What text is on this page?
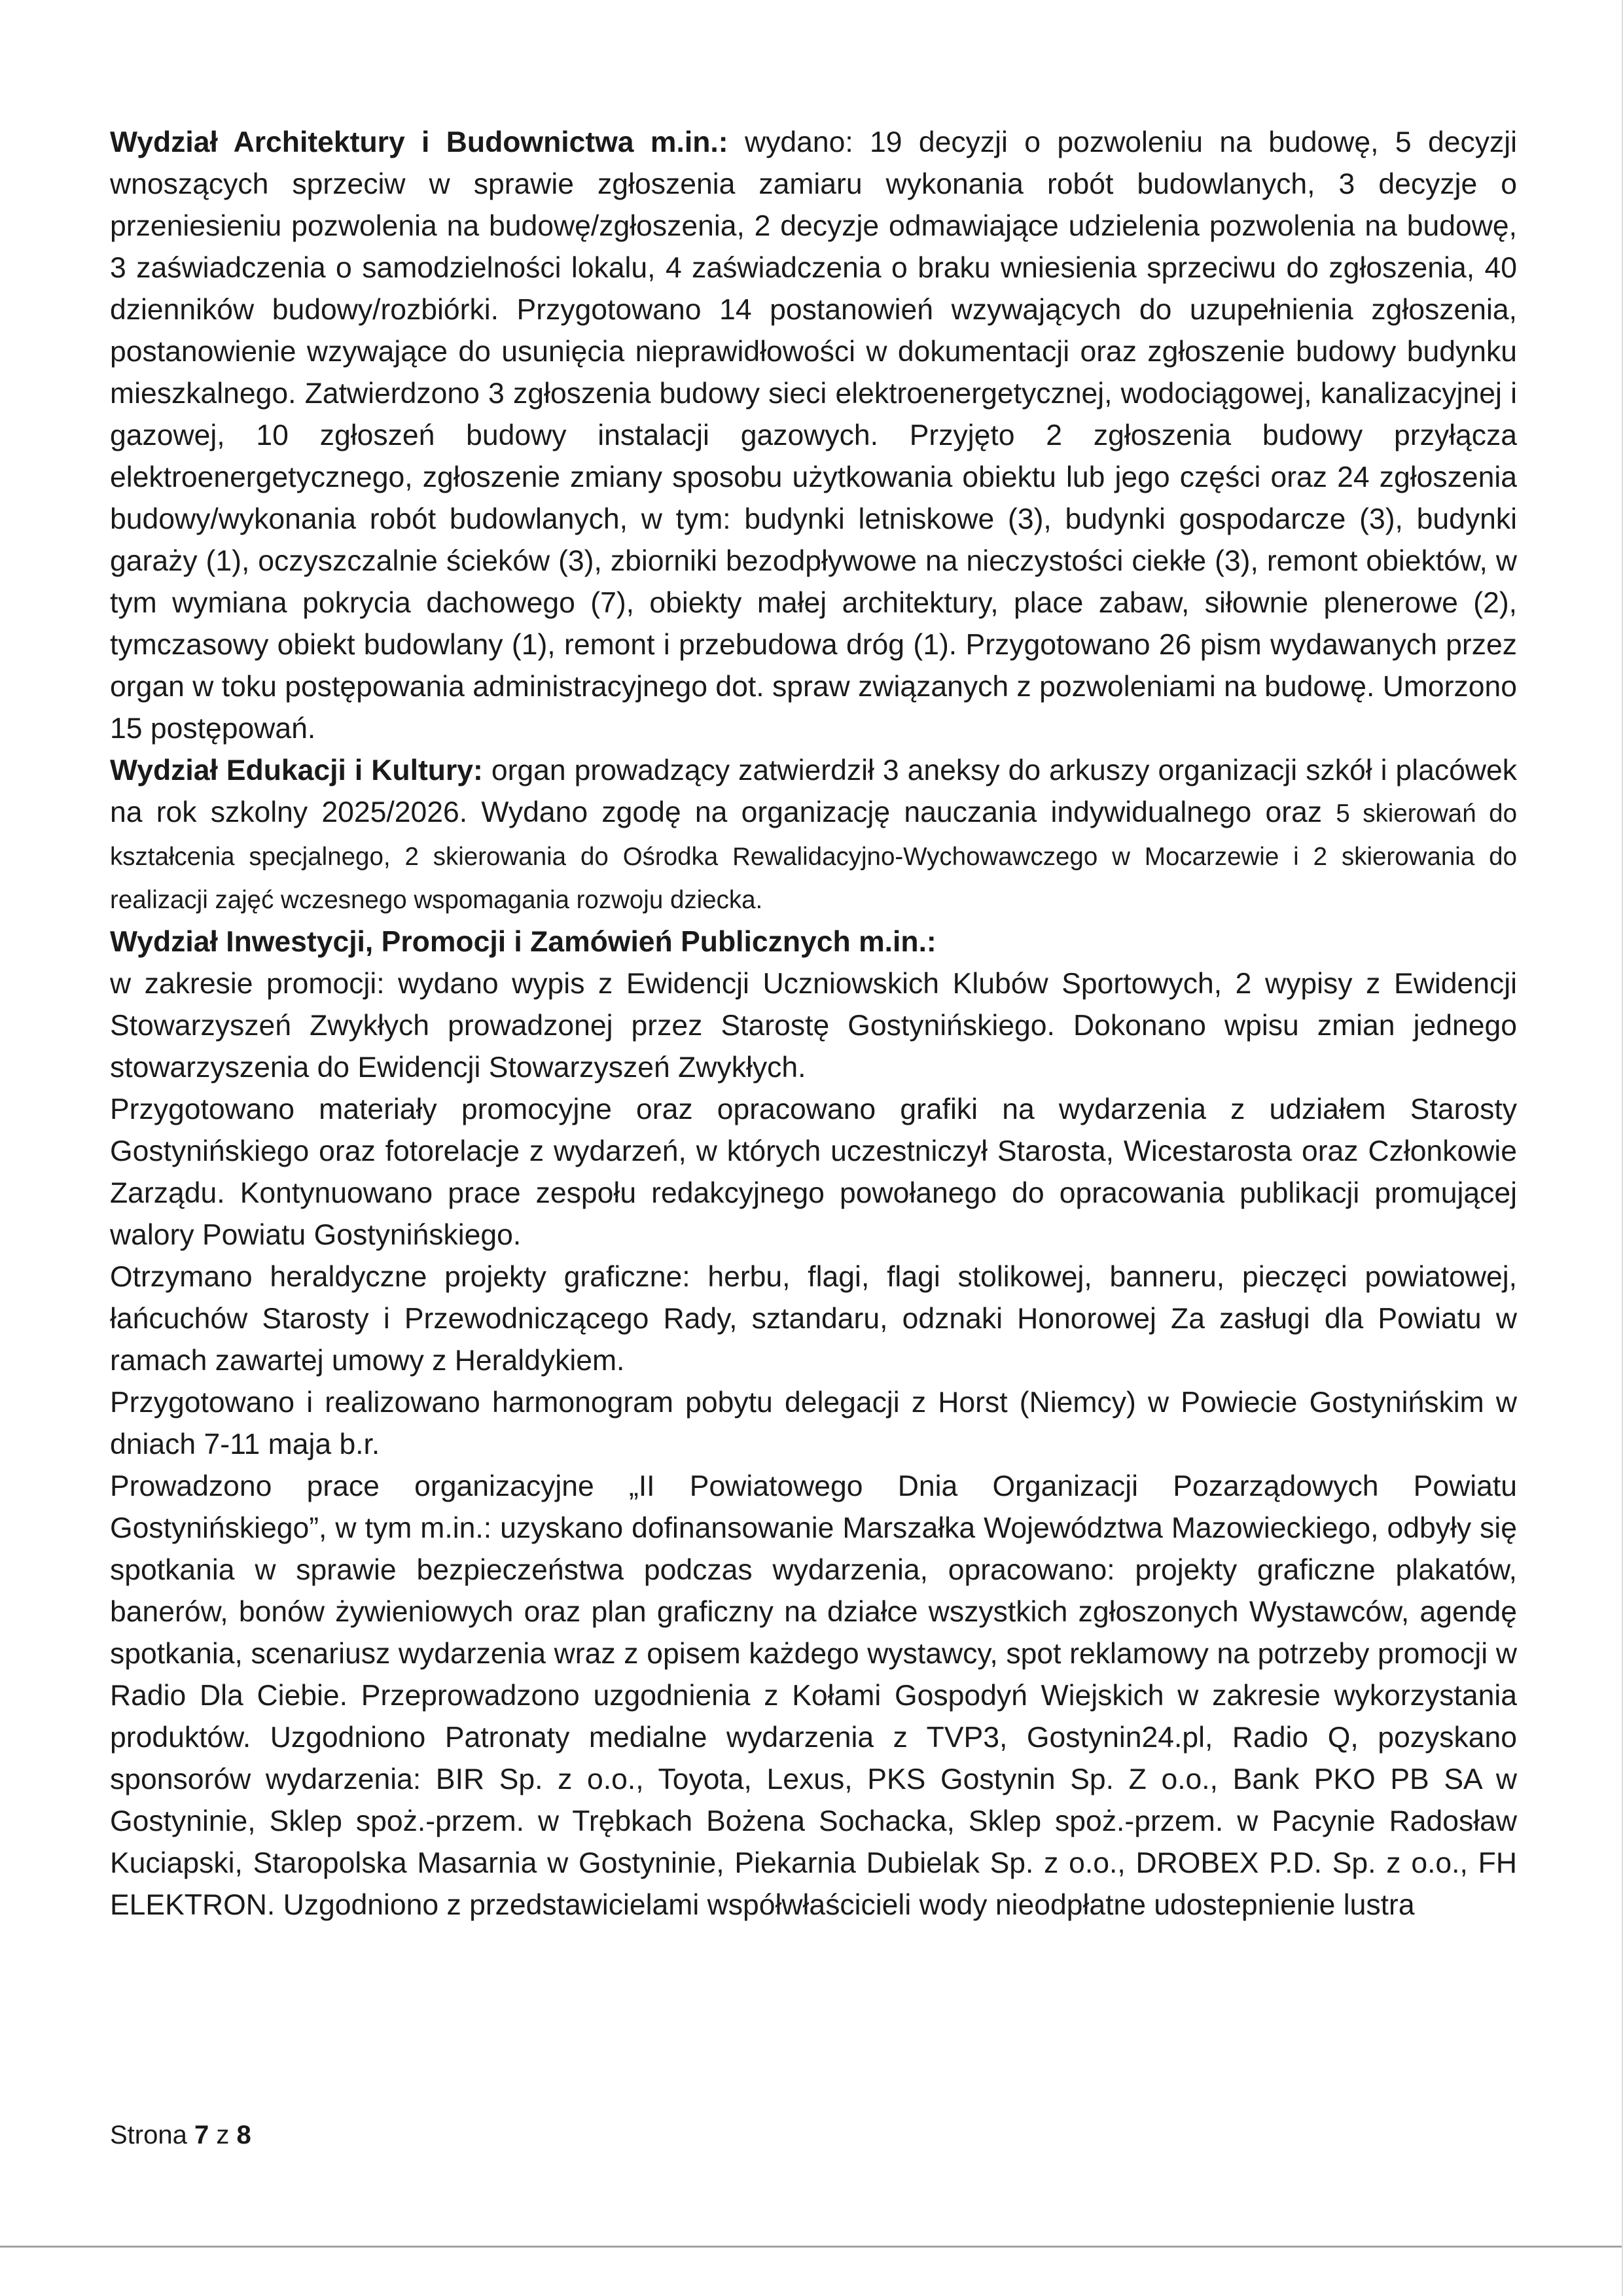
Wydział Architektury i Budownictwa m.in.: wydano: 19 decyzji o pozwoleniu na budowę, 5 decyzji wnoszących sprzeciw w sprawie zgłoszenia zamiaru wykonania robót budowlanych, 3 decyzje o przeniesieniu pozwolenia na budowę/zgłoszenia, 2 decyzje odmawiające udzielenia pozwolenia na budowę, 3 zaświadczenia o samodzielności lokalu, 4 zaświadczenia o braku wniesienia sprzeciwu do zgłoszenia, 40 dzienników budowy/rozbiórki. Przygotowano 14 postanowień wzywających do uzupełnienia zgłoszenia, postanowienie wzywające do usunięcia nieprawidłowości w dokumentacji oraz zgłoszenie budowy budynku mieszkalnego. Zatwierdzono 3 zgłoszenia budowy sieci elektroenergetycznej, wodociągowej, kanalizacyjnej i gazowej, 10 zgłoszeń budowy instalacji gazowych. Przyjęto 2 zgłoszenia budowy przyłącza elektroenergetycznego, zgłoszenie zmiany sposobu użytkowania obiektu lub jego części oraz 24 zgłoszenia budowy/wykonania robót budowlanych, w tym: budynki letniskowe (3), budynki gospodarcze (3), budynki garaży (1), oczyszczalnie ścieków (3), zbiorniki bezodpływowe na nieczystości ciekłe (3), remont obiektów, w tym wymiana pokrycia dachowego (7), obiekty małej architektury, place zabaw, siłownie plenerowe (2), tymczasowy obiekt budowlany (1), remont i przebudowa dróg (1). Przygotowano 26 pism wydawanych przez organ w toku postępowania administracyjnego dot. spraw związanych z pozwoleniami na budowę. Umorzono 15 postępowań.

Wydział Edukacji i Kultury: organ prowadzący zatwierdził 3 aneksy do arkuszy organizacji szkół i placówek na rok szkolny 2025/2026. Wydano zgodę na organizację nauczania indywidualnego oraz 5 skierowań do kształcenia specjalnego, 2 skierowania do Ośrodka Rewalidacyjno-Wychowawczego w Mocarzewie i 2 skierowania do realizacji zajęć wczesnego wspomagania rozwoju dziecka.

Wydział Inwestycji, Promocji i Zamówień Publicznych m.in.:

w zakresie promocji: wydano wypis z Ewidencji Uczniowskich Klubów Sportowych, 2 wypisy z Ewidencji Stowarzyszeń Zwykłych prowadzonej przez Starostę Gostynińskiego. Dokonano wpisu zmian jednego stowarzyszenia do Ewidencji Stowarzyszeń Zwykłych.

Przygotowano materiały promocyjne oraz opracowano grafiki na wydarzenia z udziałem Starosty Gostynińskiego oraz fotorelacje z wydarzeń, w których uczestniczył Starosta, Wicestarosta oraz Członkowie Zarządu. Kontynuowano prace zespołu redakcyjnego powołanego do opracowania publikacji promującej walory Powiatu Gostynińskiego.

Otrzymano heraldyczne projekty graficzne: herbu, flagi, flagi stolikowej, banneru, pieczęci powiatowej, łańcuchów Starosty i Przewodniczącego Rady, sztandaru, odznaki Honorowej Za zasługi dla Powiatu w ramach zawartej umowy z Heraldykiem.

Przygotowano i realizowano harmonogram pobytu delegacji z Horst (Niemcy) w Powiecie Gostynińskim w dniach 7-11 maja b.r.

Prowadzono prace organizacyjne „II Powiatowego Dnia Organizacji Pozarządowych Powiatu Gostynińskiego”, w tym m.in.: uzyskano dofinansowanie Marszałka Województwa Mazowieckiego, odbyły się spotkania w sprawie bezpieczeństwa podczas wydarzenia, opracowano: projekty graficzne plakatów, banerów, bonów żywieniowych oraz plan graficzny na działce wszystkich zgłoszonych Wystawców, agendę spotkania, scenariusz wydarzenia wraz z opisem każdego wystawcy, spot reklamowy na potrzeby promocji w Radio Dla Ciebie. Przeprowadzono uzgodnienia z Kołami Gospodyń Wiejskich w zakresie wykorzystania produktów. Uzgodniono Patronaty medialne wydarzenia z TVP3, Gostynin24.pl, Radio Q, pozyskano sponsorów wydarzenia: BIR Sp. z o.o., Toyota, Lexus, PKS Gostynin Sp. Z o.o., Bank PKO PB SA w Gostyninie, Sklep spoż.-przem. w Trębkach Bożena Sochacka, Sklep spoż.-przem. w Pacynie Radosław Kuciapski, Staropolska Masarnia w Gostyninie, Piekarnia Dubielak Sp. z o.o., DROBEX P.D. Sp. z o.o., FH ELEKTRON. Uzgodniono z przedstawicielami współwłaścicieli wody nieodpłatne udostepnienie lustra

Strona 7 z 8
